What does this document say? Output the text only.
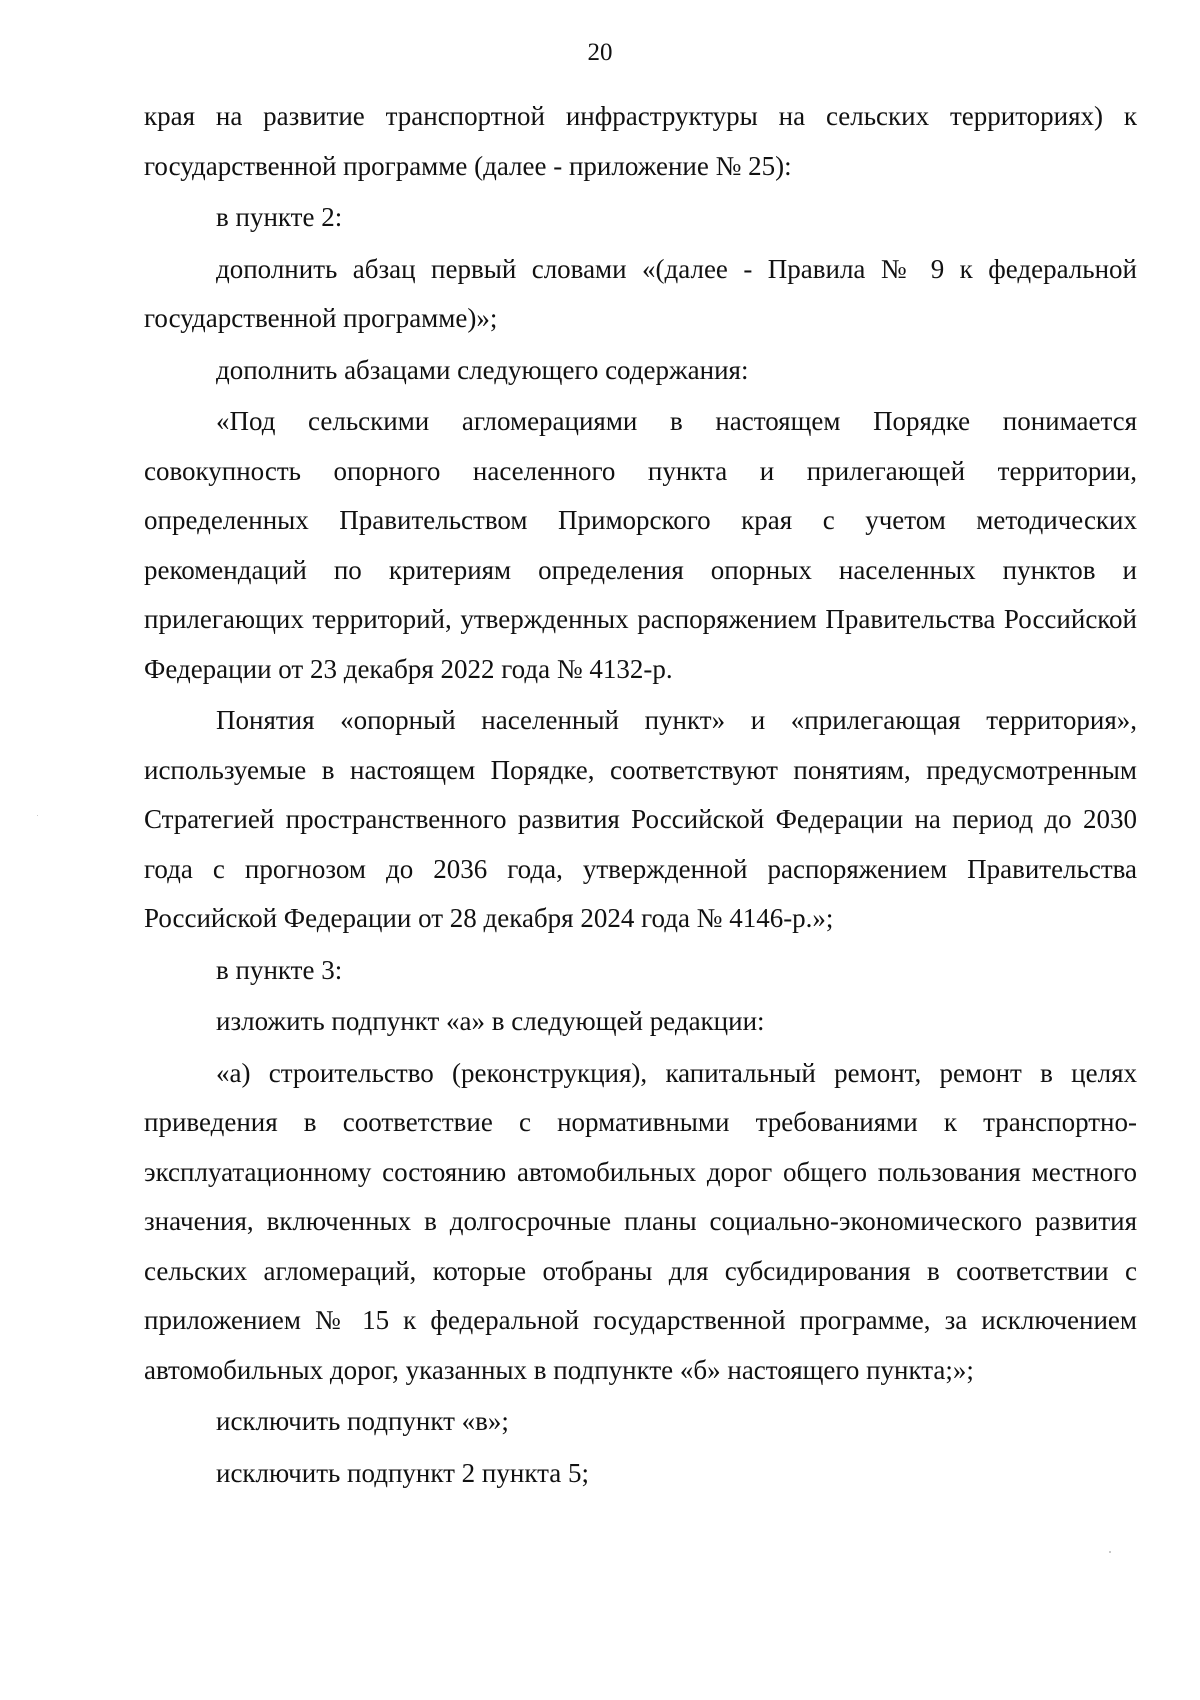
20

края на развитие транспортной инфраструктуры на сельских территориях) к государственной программе (далее - приложение № 25):

в пункте 2:

дополнить абзац первый словами «(далее - Правила № 9 к федеральной государственной программе)»;

дополнить абзацами следующего содержания:

«Под сельскими агломерациями в настоящем Порядке понимается совокупность опорного населенного пункта и прилегающей территории, определенных Правительством Приморского края с учетом методических рекомендаций по критериям определения опорных населенных пунктов и прилегающих территорий, утвержденных распоряжением Правительства Российской Федерации от 23 декабря 2022 года № 4132-р.

Понятия «опорный населенный пункт» и «прилегающая территория», используемые в настоящем Порядке, соответствуют понятиям, предусмотренным Стратегией пространственного развития Российской Федерации на период до 2030 года с прогнозом до 2036 года, утвержденной распоряжением Правительства Российской Федерации от 28 декабря 2024 года № 4146-р.»;

в пункте 3:

изложить подпункт «а» в следующей редакции:

«а) строительство (реконструкция), капитальный ремонт, ремонт в целях приведения в соответствие с нормативными требованиями к транспортно-эксплуатационному состоянию автомобильных дорог общего пользования местного значения, включенных в долгосрочные планы социально-экономического развития сельских агломераций, которые отобраны для субсидирования в соответствии с приложением № 15 к федеральной государственной программе, за исключением автомобильных дорог, указанных в подпункте «б» настоящего пункта;»;

исключить подпункт «в»;

исключить подпункт 2 пункта 5;
